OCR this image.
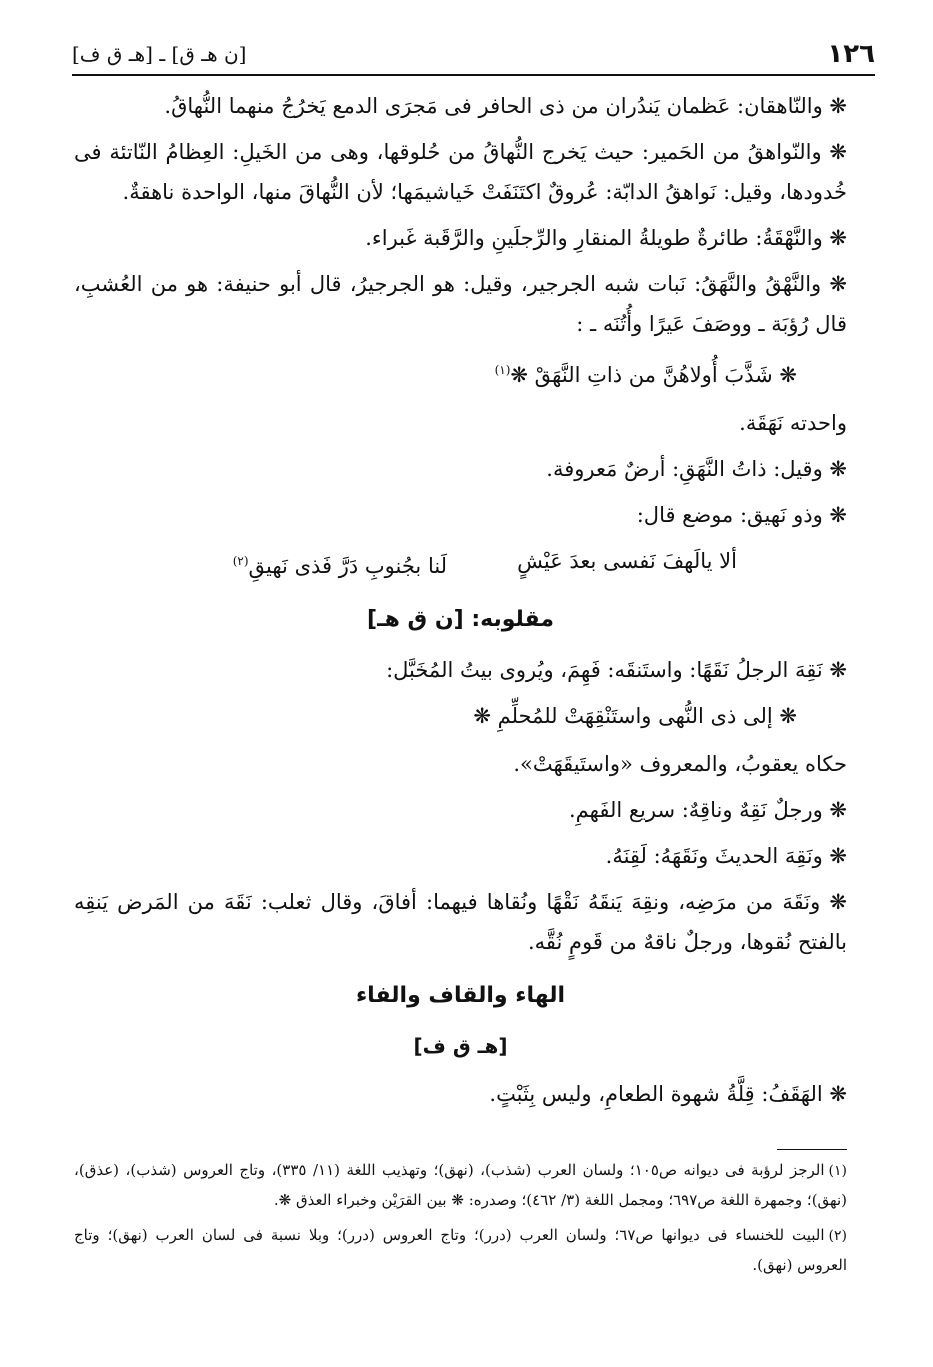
١٢٦
[ن هـ ق] ـ [هـ ق ف]

❋ والنّاهقان: عَظمان يَندُران من ذى الحافر فى مَجرَى الدمع يَخرُجُ منهما النُّهاقُ.

❋ والنّواهقُ من الحَمير: حيث يَخرج النُّهاقُ من حُلوقها، وهى من الخَيلِ: العِظامُ النّاتئة فى خُدودها، وقيل: نَواهقُ الدابّة: عُروقٌ اكتَنَفَتْ خَياشيمَها؛ لأن النُّهاقَ منها، الواحدة ناهقةٌ.

❋ والنَّهْقَةُ: طائرةٌ طويلةُ المنقارِ والرِّجلَينِ والرَّقَبة غَبراء.

❋ والنَّهْقُ والنَّهَقُ: نَبات شبه الجرجير، وقيل: هو الجرجيرُ، قال أبو حنيفة: هو من العُشبِ، قال رُؤبَة ـ ووصَفَ عَيرًا وأُتُنَه ـ :

❋ شَذَّبَ أُولاهُنَّ من ذاتِ النَّهَقْ ❋$^{(١)}$

واحدته نَهَقَة.

❋ وقيل: ذاتُ النَّهَقِ: أرضٌ مَعروفة.

❋ وذو نَهيق: موضع قال:

ألا يالَهفَ نَفسى بعدَ عَيْشٍ
لَنا بجُنوبِ دَرَّ فَذى نَهيقِ$^{(٢)}$
مقلوبه: [ن ق هـ]

❋ نَقِهَ الرجلُ نَقَهًا: واستَنقَه: فَهِمَ، ويُروى بيتُ المُخَبَّل:

❋ إلى ذى النُّهى واستَنْقِهَتْ للمُحلِّمِ ❋

حكاه يعقوبُ، والمعروف «واستَيقَهَتْ».

❋ ورجلٌ نَقِهٌ وناقِهٌ: سريع الفَهمِ.

❋ ونَقِهَ الحديثَ ونَقَهَهُ: لَقِنَهُ.

❋ ونَقَهَ من مرَضِه، ونقِهَ يَنقَهُ نَقْهًا ونُقاها فيهما: أفاقَ، وقال ثعلب: نَقَهَ من المَرض يَنقِه بالفتح نُقوها، ورجلٌ ناقهٌ من قَومٍ نُقَّه.

الهاء والقاف والفاء
[هـ ق ف]

❋ الهَقَفُ: قِلَّةُ شهوة الطعامِ، وليس بِثَبْتٍ.

(١)الرجز لرؤبة فى ديوانه ص١٠٥؛ ولسان العرب (شذب)، (نهق)؛ وتهذيب اللغة (١١/ ٣٣٥)، وتاج العروس (شذب)، (عذق)، (نهق)؛ وجمهرة اللغة ص٦٩٧؛ ومجمل اللغة (٣/ ٤٦٢)؛ وصدره: ❋ بين القرَيْن وخبراء العذق ❋.

(٢)البيت للخنساء فى ديوانها ص٦٧؛ ولسان العرب (درر)؛ وتاج العروس (درر)؛ وبلا نسبة فى لسان العرب (نهق)؛ وتاج العروس (نهق).
